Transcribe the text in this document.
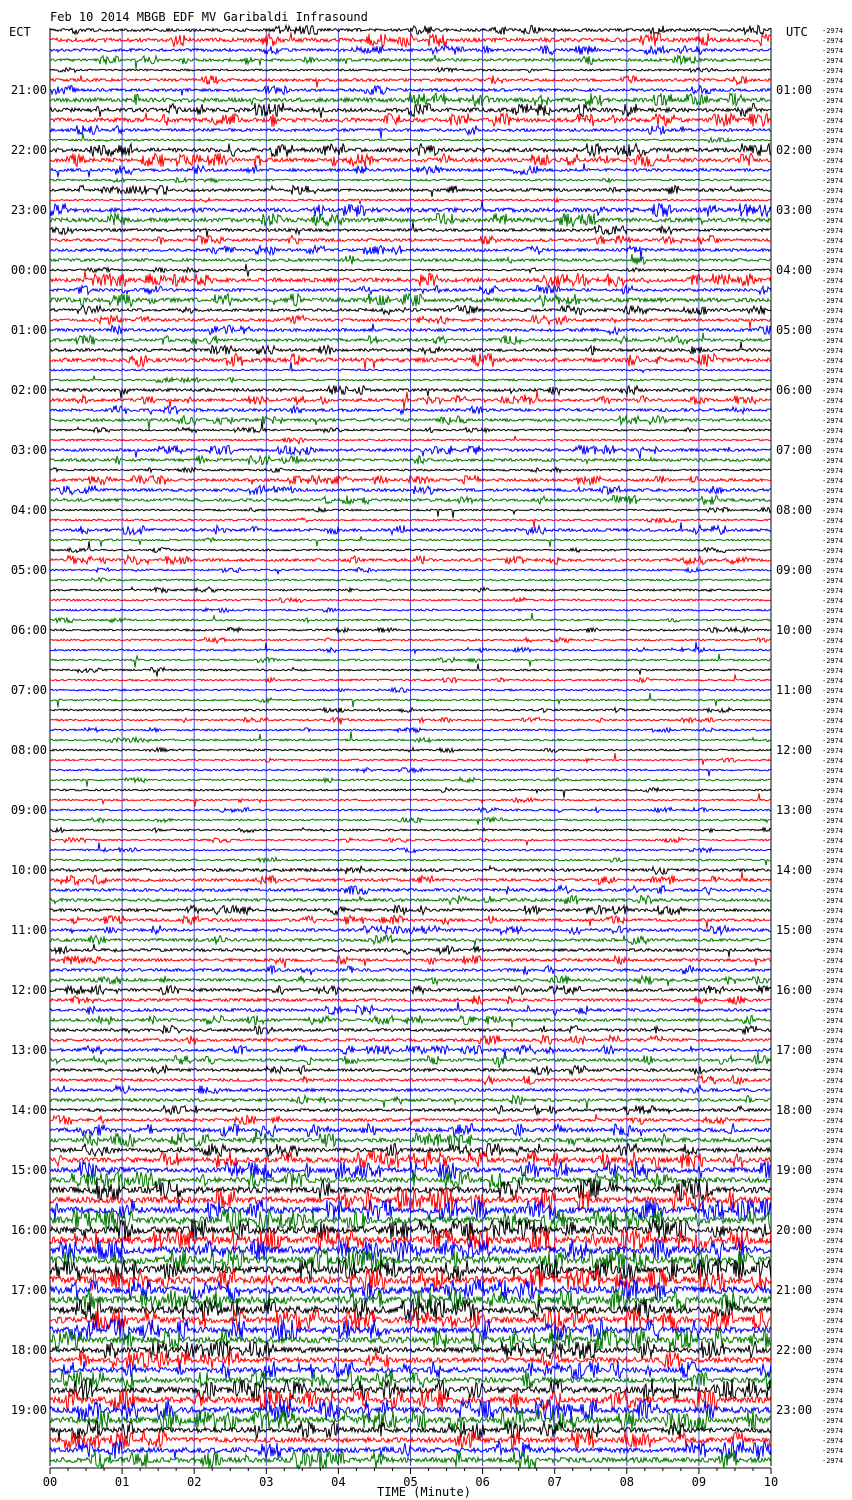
Feb 10 2014 MBGB EDF MV Garibaldi Infrasound
ECT	UTC
21:00
22:00
23:00
00:00
01:00
02:00
03:00
04:00
05:00
06:00
07:00
08:00
09:00
10:00
11:00
12:00
13:00
14:00
15:00
16:00
17:00
18:00
19:00
01:00
02:00
03:00
04:00
05:00
06:00
07:00
08:00
09:00
10:00
11:00
12:00
13:00
14:00
15:00
16:00
17:00
18:00
19:00
20:00
21:00
22:00
23:00
-2974
-2974
-2974
-2974
-2974
-2974
-2974
-2974
-2974
-2974
-2974
-2974
-2974
-2974
-2974
-2974
-2974
-2974
-2974
-2974
-2974
-2974
-2974
-2974
-2974
-2974
-2974
-2974
-2974
-2974
-2974
-2974
-2974
-2974
-2974
-2974
-2974
-2974
-2974
-2974
-2974
-2974
-2974
-2974
-2974
-2974
-2974
-2974
-2974
-2974
-2974
-2974
-2974
-2974
-2974
-2974
-2974
-2974
-2974
-2974
-2974
-2974
-2974
-2974
-2974
-2974
-2974
-2974
-2974
-2974
-2974
-2974
-2974
-2974
-2974
-2974
-2974
-2974
-2974
-2974
-2974
-2974
-2974
-2974
-2974
-2974
-2974
-2974
-2974
-2974
-2974
-2974
-2974
-2974
-2974
-2974
-2974
-2974
-2974
-2974
-2974
-2974
-2974
-2974
-2974
-2974
-2974
-2974
-2974
-2974
-2974
-2974
-2974
-2974
-2974
-2974
-2974
-2974
-2974
-2974
-2974
-2974
-2974
-2974
-2974
-2974
-2974
-2974
-2974
-2974
-2974
-2974
-2974
-2974
-2974
-2974
-2974
-2974
-2974
-2974
-2974
-2974
-2974
-2974
00	01	02	03	04	05	06	07	08	09	10
TIME (Minute)
